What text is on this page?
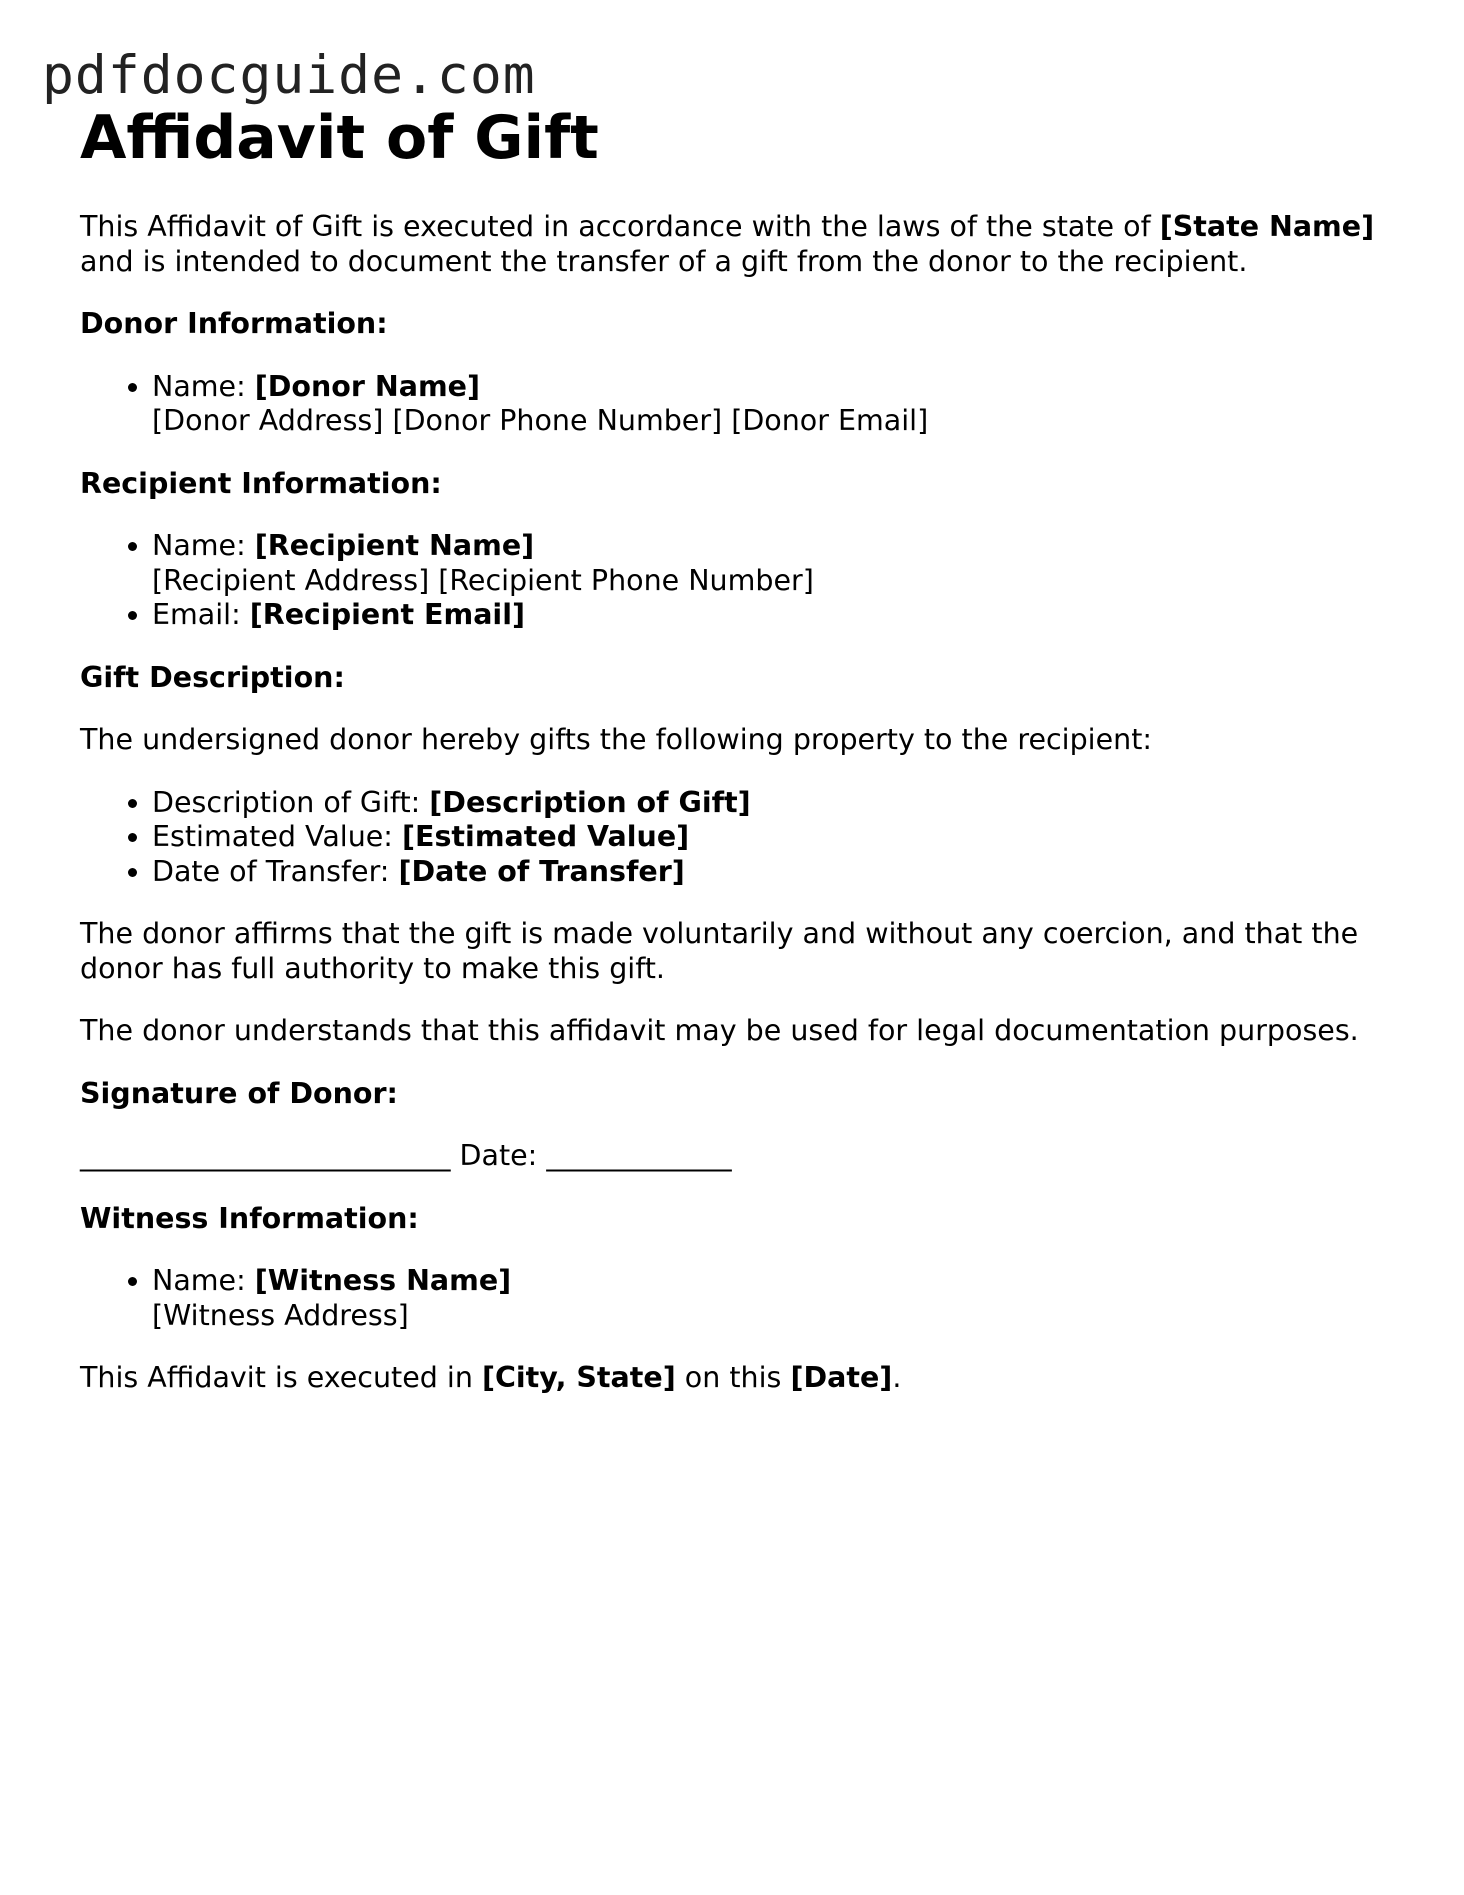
pdfdocguide.com
Affidavit of Gift

This Affidavit of Gift is executed in accordance with the laws of the state of [State Name] and is intended to document the transfer of a gift from the donor to the recipient.

Donor Information:

• Name: [Donor Name]
[Donor Address] [Donor Phone Number] [Donor Email]

Recipient Information:

• Name: [Recipient Name]
[Recipient Address] [Recipient Phone Number]
• Email: [Recipient Email]

Gift Description:

The undersigned donor hereby gifts the following property to the recipient:

• Description of Gift: [Description of Gift]
• Estimated Value: [Estimated Value]
• Date of Transfer: [Date of Transfer]

The donor affirms that the gift is made voluntarily and without any coercion, and that the donor has full authority to make this gift.

The donor understands that this affidavit may be used for legal documentation purposes.

Signature of Donor:

__________________________ Date: _____________

Witness Information:

• Name: [Witness Name]
[Witness Address]

This Affidavit is executed in [City, State] on this [Date].
